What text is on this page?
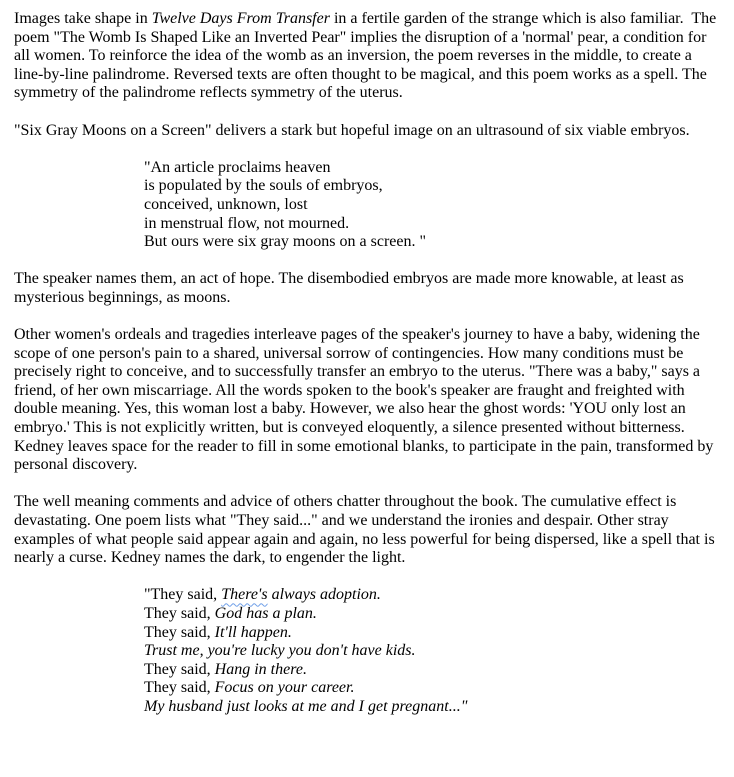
Images take shape in Twelve Days From Transfer in a fertile garden of the strange which is also familiar.  The poem "The Womb Is Shaped Like an Inverted Pear" implies the disruption of a 'normal' pear, a condition for all women. To reinforce the idea of the womb as an inversion, the poem reverses in the middle, to create a line-by-line palindrome. Reversed texts are often thought to be magical, and this poem works as a spell. The symmetry of the palindrome reflects symmetry of the uterus.
"Six Gray Moons on a Screen" delivers a stark but hopeful image on an ultrasound of six viable embryos.
"An article proclaims heaven
is populated by the souls of embryos,
conceived, unknown, lost
in menstrual flow, not mourned.
But ours were six gray moons on a screen. "
The speaker names them, an act of hope. The disembodied embryos are made more knowable, at least as mysterious beginnings, as moons.
Other women's ordeals and tragedies interleave pages of the speaker's journey to have a baby, widening the scope of one person's pain to a shared, universal sorrow of contingencies. How many conditions must be precisely right to conceive, and to successfully transfer an embryo to the uterus. "There was a baby," says a friend, of her own miscarriage. All the words spoken to the book's speaker are fraught and freighted with double meaning. Yes, this woman lost a baby. However, we also hear the ghost words: 'YOU only lost an embryo.' This is not explicitly written, but is conveyed eloquently, a silence presented without bitterness. Kedney leaves space for the reader to fill in some emotional blanks, to participate in the pain, transformed by personal discovery.
The well meaning comments and advice of others chatter throughout the book. The cumulative effect is devastating. One poem lists what "They said..." and we understand the ironies and despair. Other stray examples of what people said appear again and again, no less powerful for being dispersed, like a spell that is nearly a curse. Kedney names the dark, to engender the light.
"They said, There's always adoption.
They said, God has a plan.
They said, It'll happen.
Trust me, you're lucky you don't have kids.
They said, Hang in there.
They said, Focus on your career.
My husband just looks at me and I get pregnant..."
